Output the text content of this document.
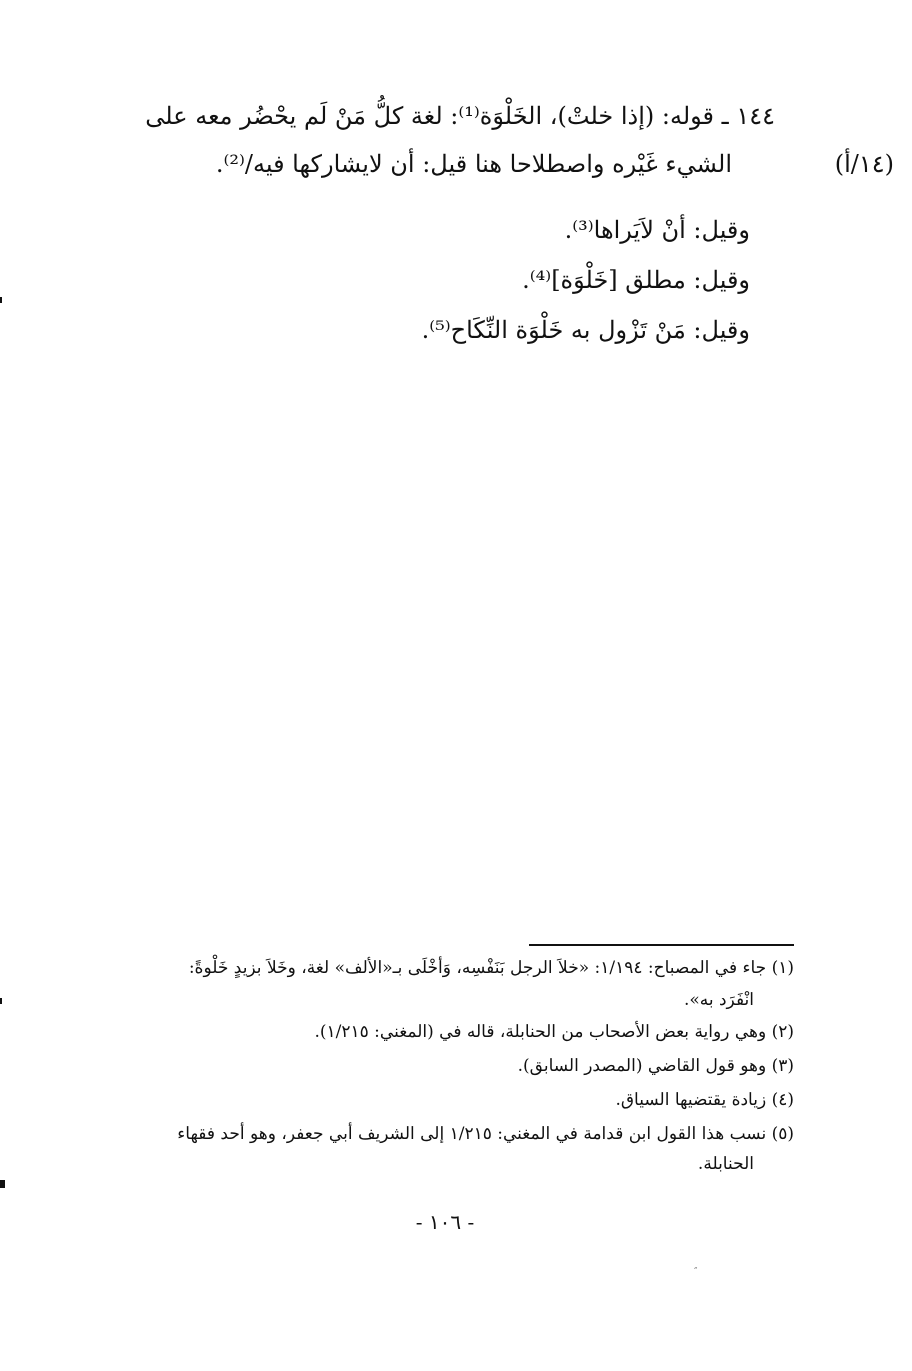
١٤٤ ـ قوله: (إذا خلتْ)، الخَلْوَة⁽¹⁾: لغة كلُّ مَنْ لَم يحْضُر معه على
الشيء غَيْره واصطلاحا هنا قيل: أن لايشاركها فيه/⁽²⁾.	(١٤/أ)
وقيل: أنْ لاَيَراها⁽³⁾.
وقيل: مطلق [خَلْوَة]⁽⁴⁾.
وقيل: مَنْ تَزْول به خَلْوَة النِّكَاح⁽⁵⁾.
(١) جاء في المصباح: ١/١٩٤: «خلاَ الرجل بَنَفْسِه، وَأخْلَى بـ«الألف» لغة، وخَلاَ بزيدٍ خَلْوةً:
انْفَرَد به».
(٢) وهي رواية بعض الأصحاب من الحنابلة، قاله في (المغني: ١/٢١٥).
(٣) وهو قول القاضي (المصدر السابق).
(٤) زيادة يقتضيها السياق.
(٥) نسب هذا القول ابن قدامة في المغني: ١/٢١٥ إلى الشريف أبي جعفر، وهو أحد فقهاء
الحنابلة.
- ١٠٦ -
״
